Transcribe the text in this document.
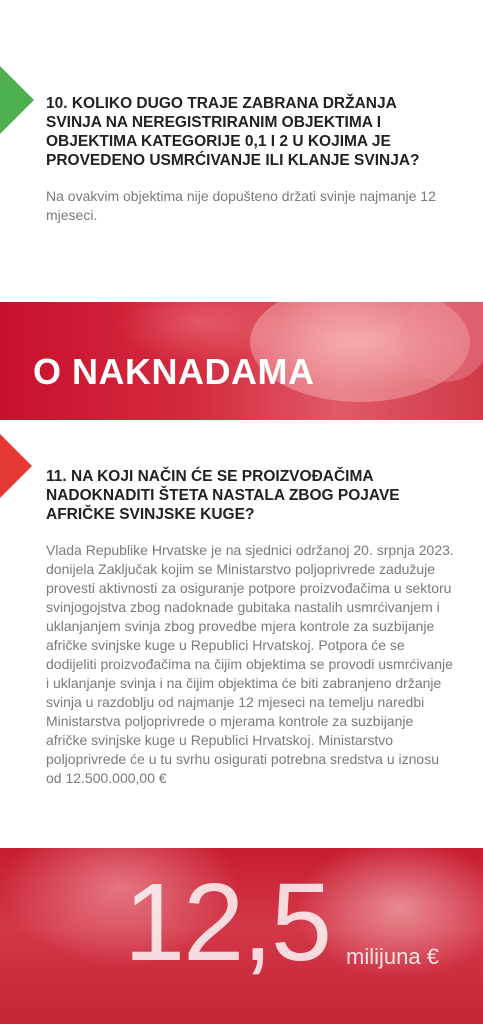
10. KOLIKO DUGO TRAJE ZABRANA DRŽANJA SVINJA NA NEREGISTRIRANIM OBJEKTIMA I OBJEKTIMA KATEGORIJE 0,1 I 2 U KOJIMA JE PROVEDENO USMRĆIVANJE ILI KLANJE SVINJA?
Na ovakvim objektima nije dopušteno držati svinje najmanje 12 mjeseci.
O NAKNADAMA
11. NA KOJI NAČIN ĆE SE PROIZVOĐAČIMA NADOKNADITI ŠTETA NASTALA ZBOG POJAVE AFRIČKE SVINJSKE KUGE?
Vlada Republike Hrvatske je na sjednici održanoj 20. srpnja 2023. donijela Zaključak kojim se Ministarstvo poljoprivrede zadužuje provesti aktivnosti za osiguranje potpore proizvođačima u sektoru svinjogojstva zbog nadoknade gubitaka nastalih usmrćivanjem i uklanjanjem svinja zbog provedbe mjera kontrole za suzbijanje afričke svinjske kuge u Republici Hrvatskoj. Potpora će se dodijeliti proizvođačima na čijim objektima se provodi usmrćivanje i uklanjanje svinja i na čijim objektima će biti zabranjeno držanje svinja u razdoblju od najmanje 12 mjeseci na temelju naredbi Ministarstva poljoprivrede o mjerama kontrole za suzbijanje afričke svinjske kuge u Republici Hrvatskoj. Ministarstvo poljoprivrede će u tu svrhu osigurati potrebna sredstva u iznosu od 12.500.000,00 €
12,5 milijuna €
